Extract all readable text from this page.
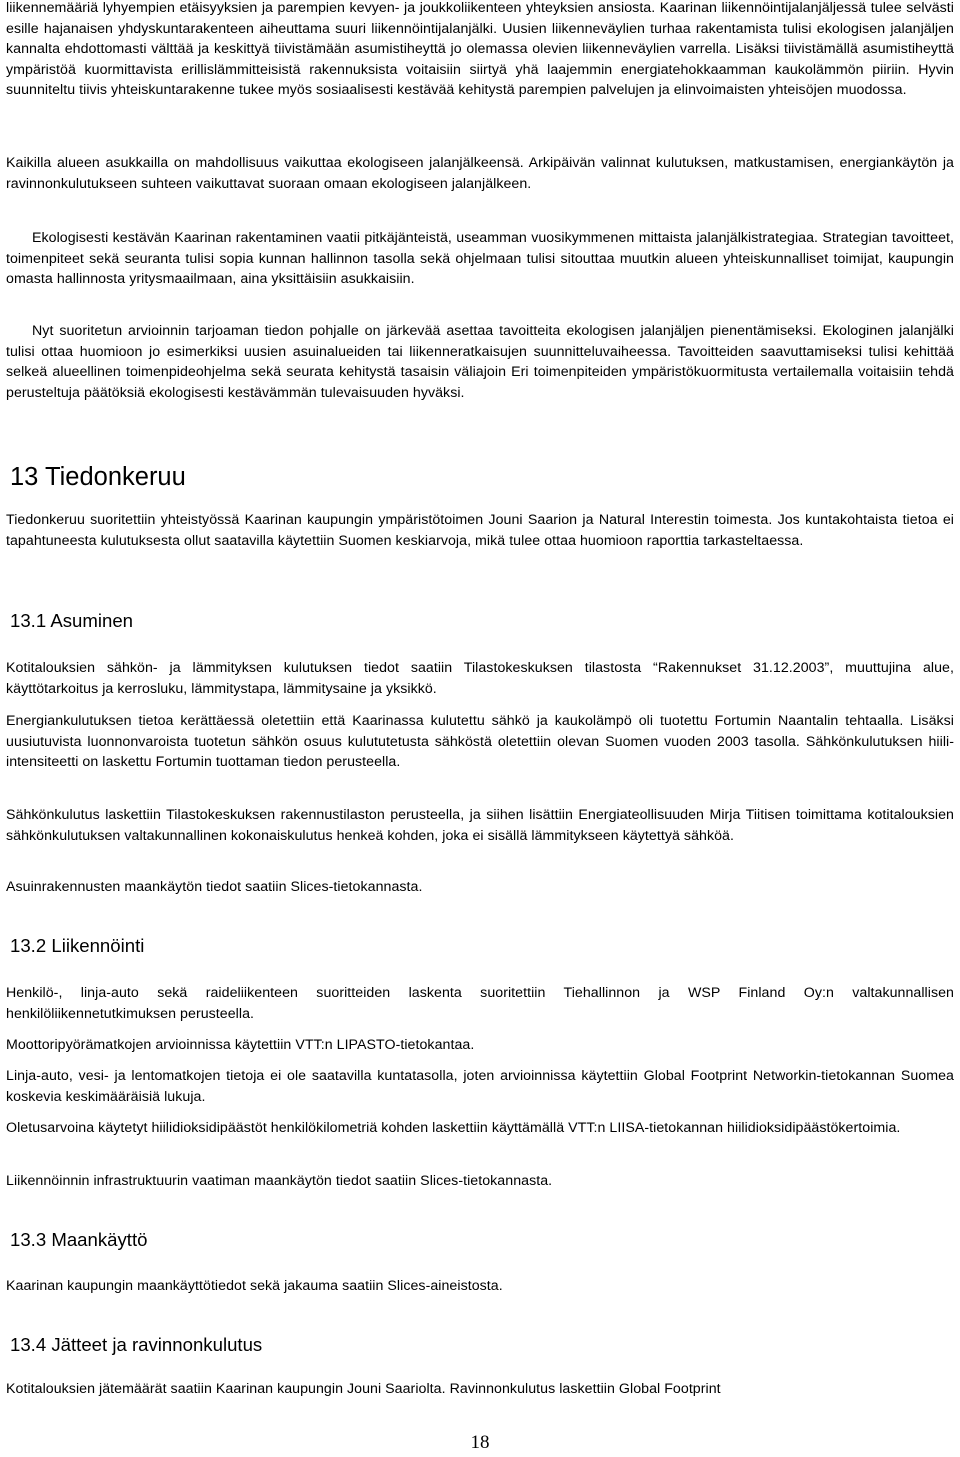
liikennemääriä lyhyempien etäisyyksien ja parempien kevyen- ja joukkoliikenteen yhteyksien ansiosta. Kaarinan liikennöintijalanjäljessä tulee selvästi esille hajanaisen yhdyskuntarakenteen aiheuttama suuri liikennöintijalanjälki. Uusien liikenneväylien turhaa rakentamista tulisi ekologisen jalanjäljen kannalta ehdottomasti välttää ja keskittyä tiivistämään asumistiheyttä jo olemassa olevien liikenneväylien varrella. Lisäksi tiivistämällä asumistiheyttä ympäristöä kuormittavista erillislämmitteisistä rakennuksista voitaisiin siirtyä yhä laajemmin energiatehokkaamman kaukolämmön piiriin. Hyvin suunniteltu tiivis yhteiskuntarakenne tukee myös sosiaalisesti kestävää kehitystä parempien palvelujen ja elinvoimaisten yhteisöjen muodossa.

Kaikilla alueen asukkailla on mahdollisuus vaikuttaa ekologiseen jalanjälkeensä. Arkipäivän valinnat kulutuksen, matkustamisen, energiankäytön ja ravinnonkulutukseen suhteen vaikuttavat suoraan omaan ekologiseen jalanjälkeen.

Ekologisesti kestävän Kaarinan rakentaminen vaatii pitkäjänteistä, useamman vuosikymmenen mittaista jalanjälkistrategiaa. Strategian tavoitteet, toimenpiteet sekä seuranta tulisi sopia kunnan hallinnon tasolla sekä ohjelmaan tulisi sitouttaa muutkin alueen yhteiskunnalliset toimijat, kaupungin omasta hallinnosta yritysmaailmaan, aina yksittäisiin asukkaisiin.

Nyt suoritetun arvioinnin tarjoaman tiedon pohjalle on järkevää asettaa tavoitteita ekologisen jalanjäljen pienentämiseksi. Ekologinen jalanjälki tulisi ottaa huomioon jo esimerkiksi uusien asuinalueiden tai liikenneratkaisujen suunnitteluvaiheessa. Tavoitteiden saavuttamiseksi tulisi kehittää selkeä alueellinen toimenpideohjelma sekä seurata kehitystä tasaisin väliajoin Eri toimenpiteiden ympäristökuormitusta vertailemalla voitaisiin tehdä perusteltuja päätöksiä ekologisesti kestävämmän tulevaisuuden hyväksi.

13 Tiedonkeruu

Tiedonkeruu suoritettiin yhteistyössä Kaarinan kaupungin ympäristötoimen Jouni Saarion ja Natural Interestin toimesta. Jos kuntakohtaista tietoa ei tapahtuneesta kulutuksesta ollut saatavilla käytettiin Suomen keskiarvoja, mikä tulee ottaa huomioon raporttia tarkasteltaessa.

13.1 Asuminen

Kotitalouksien sähkön- ja lämmityksen kulutuksen tiedot saatiin Tilastokeskuksen tilastosta “Rakennukset 31.12.2003”, muuttujina alue, käyttötarkoitus ja kerrosluku, lämmitystapa, lämmitysaine ja yksikkö.

Energiankulutuksen tietoa kerättäessä oletettiin että Kaarinassa kulutettu sähkö ja kaukolämpö oli tuotettu Fortumin Naantalin tehtaalla. Lisäksi uusiutuvista luonnonvaroista tuotetun sähkön osuus kulututetusta sähköstä oletettiin olevan Suomen vuoden 2003 tasolla. Sähkönkulutuksen hiili-intensiteetti on laskettu Fortumin tuottaman tiedon perusteella.

Sähkönkulutus laskettiin Tilastokeskuksen rakennustilaston perusteella, ja siihen lisättiin Energiateollisuuden Mirja Tiitisen toimittama kotitalouksien sähkönkulutuksen valtakunnallinen kokonaiskulutus henkeä kohden, joka ei sisällä lämmitykseen käytettyä sähköä.

Asuinrakennusten maankäytön tiedot saatiin Slices-tietokannasta.

13.2 Liikennöinti

Henkilö-, linja-auto sekä raideliikenteen suoritteiden laskenta suoritettiin Tiehallinnon ja WSP Finland Oy:n valtakunnallisen henkilöliikennetutkimuksen perusteella.

Moottoripyörämatkojen arvioinnissa käytettiin VTT:n LIPASTO-tietokantaa.

Linja-auto, vesi- ja lentomatkojen tietoja ei ole saatavilla kuntatasolla, joten arvioinnissa käytettiin Global Footprint Networkin-tietokannan Suomea koskevia keskimääräisiä lukuja.

Oletusarvoina käytetyt hiilidioksidipäästöt henkilökilometriä kohden laskettiin käyttämällä VTT:n LIISA-tietokannan hiilidioksidipäästökertoimia.

Liikennöinnin infrastruktuurin vaatiman maankäytön tiedot saatiin Slices-tietokannasta.

13.3 Maankäyttö

Kaarinan kaupungin maankäyttötiedot sekä jakauma saatiin Slices-aineistosta.

13.4 Jätteet ja ravinnonkulutus

Kotitalouksien jätemäärät saatiin Kaarinan kaupungin Jouni Saariolta. Ravinnonkulutus laskettiin Global Footprint

18
